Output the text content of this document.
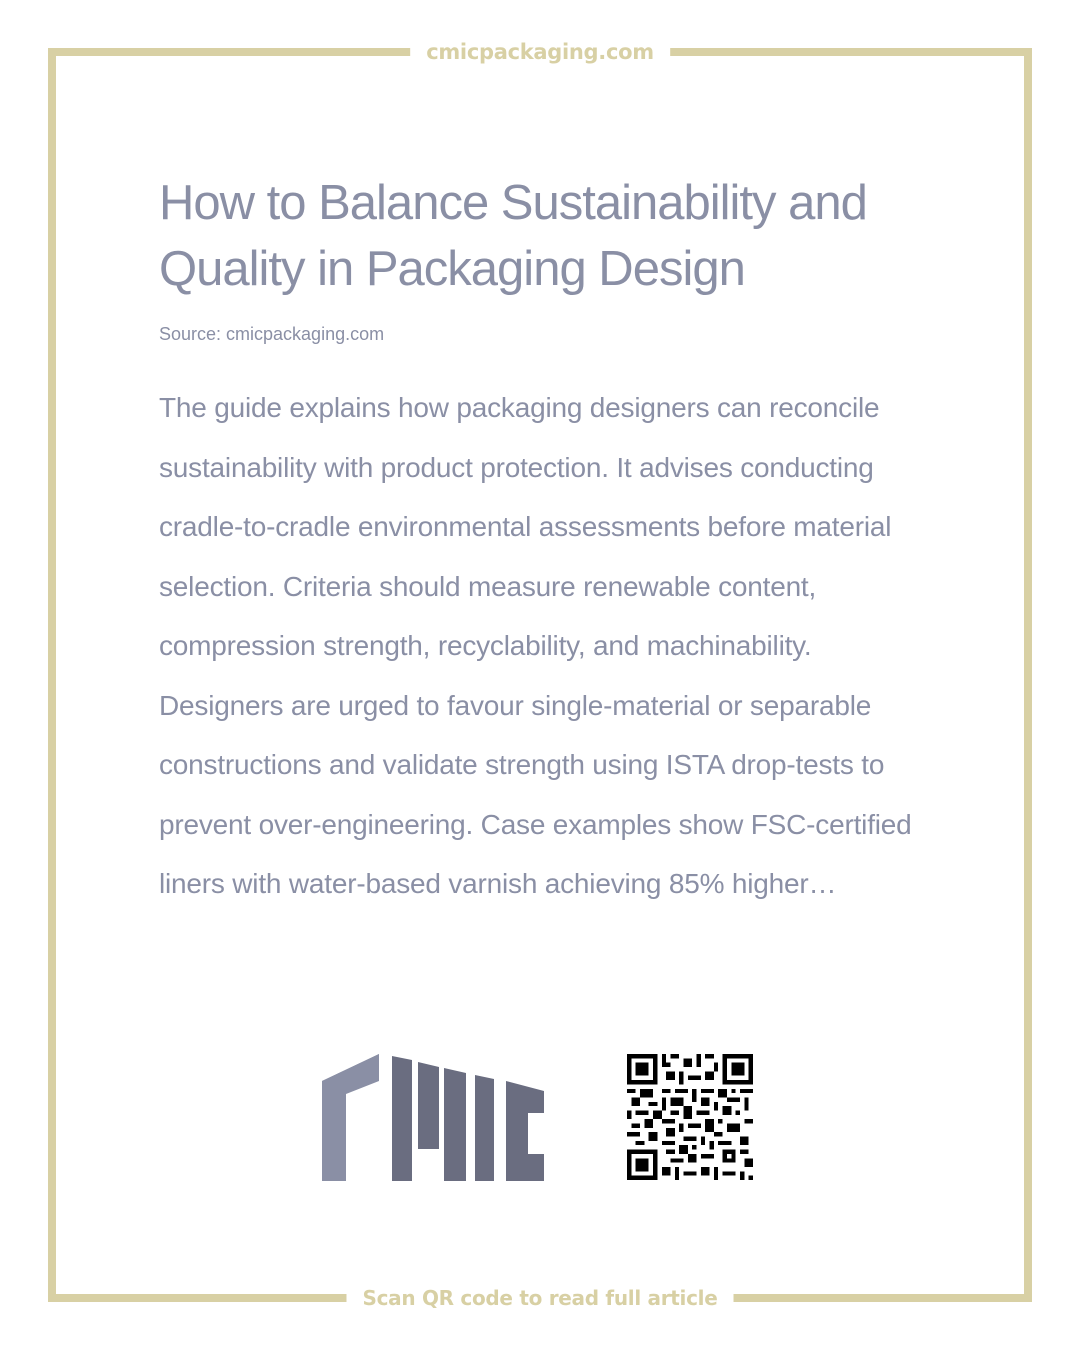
cmicpackaging.com
Scan QR code to read full article
How to Balance Sustainability and Quality in Packaging Design
Source: cmicpackaging.com

The guide explains how packaging designers can reconcile sustainability with product protection. It advises conducting cradle-to-cradle environmental assessments before material selection. Criteria should measure renewable content, compression strength, recyclability, and machinability. Designers are urged to favour single-material or separable constructions and validate strength using ISTA drop-tests to prevent over-engineering. Case examples show FSC-certified liners with water-based varnish achieving 85% higher…
